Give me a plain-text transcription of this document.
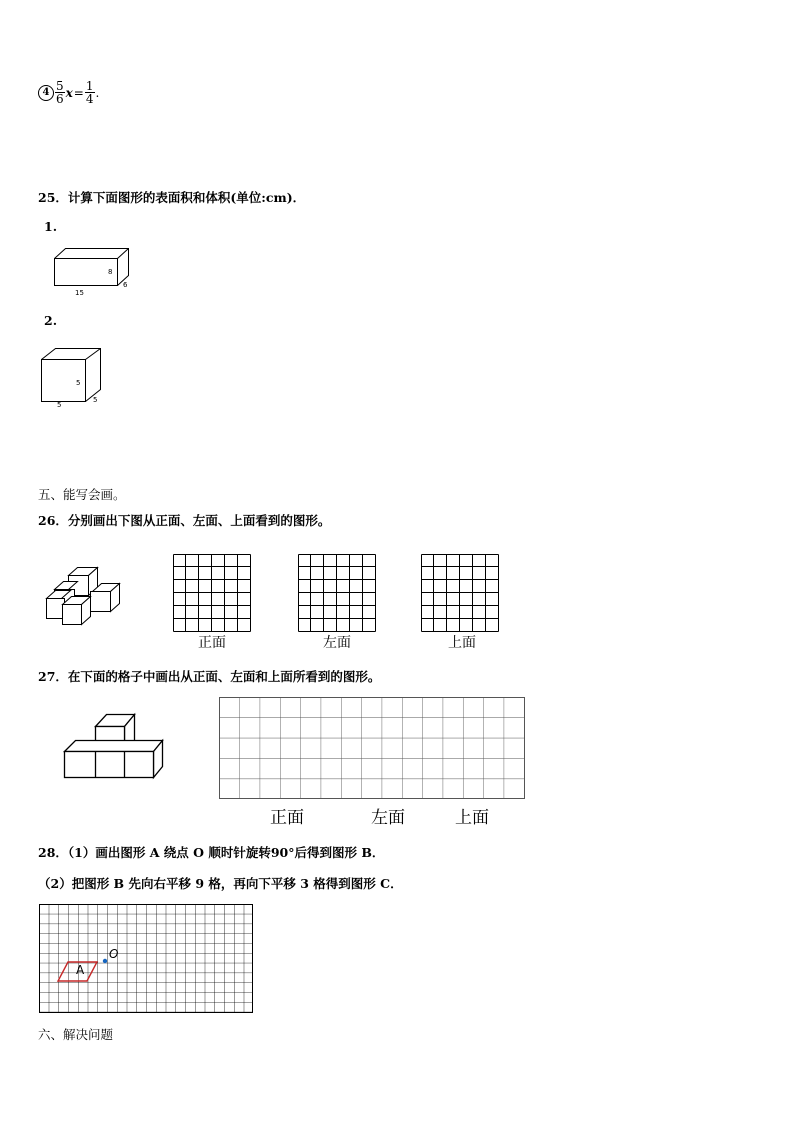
$4 \frac{5}{6}$ $x = \frac{1}{4}$ .
25．计算下面图形的表面积和体积(单位:cm)．
1.
15
8
6
2.
5
5
5
五、能写会画。
26．分别画出下图从正面、左面、上面看到的图形。
正面	左面	上面
27．在下面的格子中画出从正面、左面和上面所看到的图形。
正面	左面	上面
28．（1）画出图形 A 绕点 O 顺时针旋转90°后得到图形 B．
（2）把图形 B 先向右平移 9 格，再向下平移 3 格得到图形 C．
A
O
六、解决问题
